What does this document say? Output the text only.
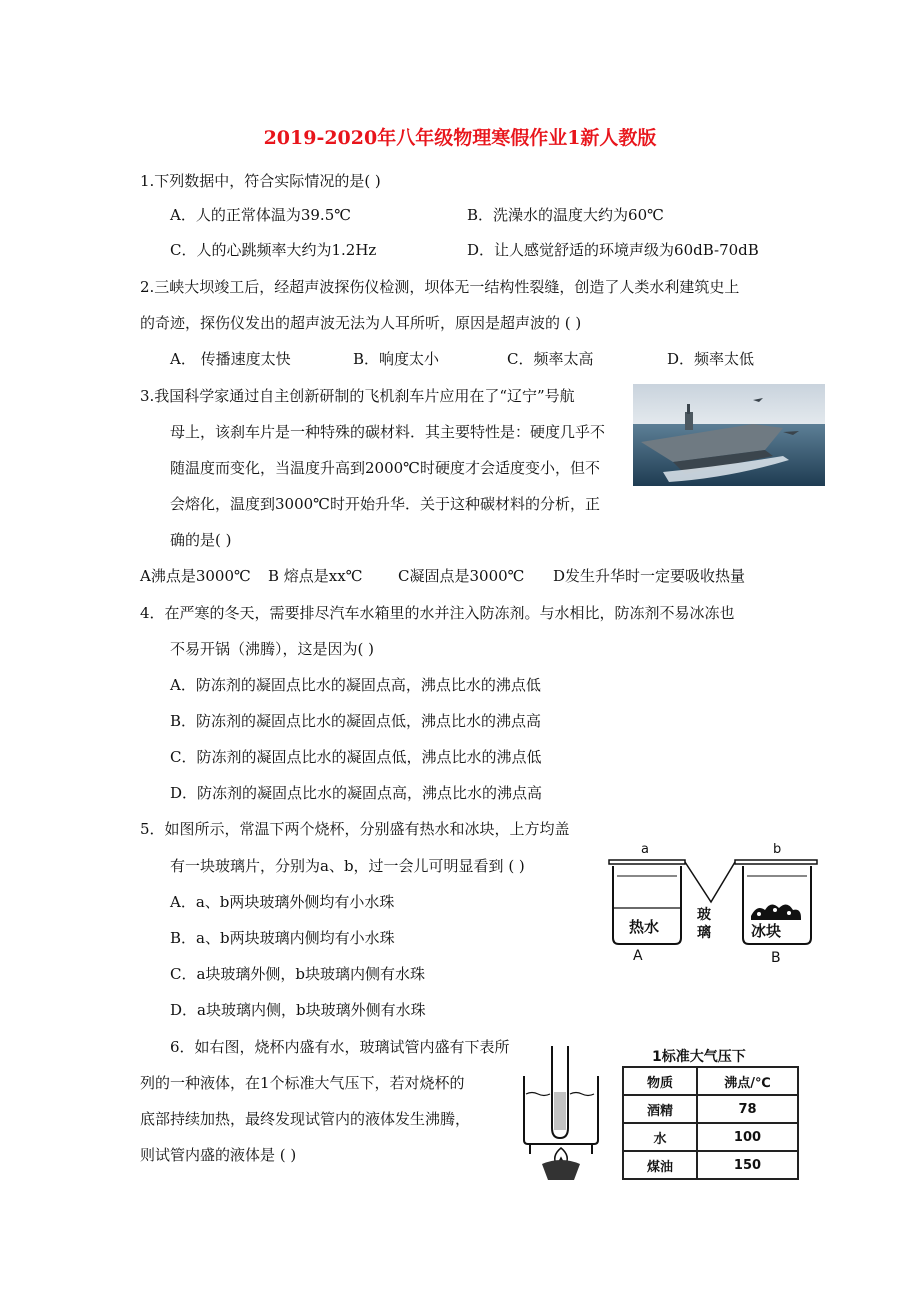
2019-2020年八年级物理寒假作业1新人教版
1.下列数据中，符合实际情况的是( )
A．人的正常体温为39.5℃	B．洗澡水的温度大约为60℃
C．人的心跳频率大约为1.2Hz	D．让人感觉舒适的环境声级为60dB-70dB
2.三峡大坝竣工后，经超声波探伤仪检测，坝体无一结构性裂缝，创造了人类水利建筑史上
的奇迹，探伤仪发出的超声波无法为人耳所听，原因是超声波的 ( )
A． 传播速度太快	B．响度太小	C．频率太高	D．频率太低
3.我国科学家通过自主创新研制的飞机刹车片应用在了“辽宁”号航
母上，该刹车片是一种特殊的碳材料．其主要特性是：硬度几乎不
随温度而变化，当温度升高到2000℃时硬度才会适度变小，但不
会熔化，温度到3000℃时开始升华．关于这种碳材料的分析，正
确的是( )
A沸点是3000℃ B 熔点是xx℃ C凝固点是3000℃ D发生升华时一定要吸收热量
4．在严寒的冬天，需要排尽汽车水箱里的水并注入防冻剂。与水相比，防冻剂不易冰冻也
不易开锅（沸腾），这是因为( )
A．防冻剂的凝固点比水的凝固点高，沸点比水的沸点低
B．防冻剂的凝固点比水的凝固点低，沸点比水的沸点高
C．防冻剂的凝固点比水的凝固点低，沸点比水的沸点低
D．防冻剂的凝固点比水的凝固点高，沸点比水的沸点高
5．如图所示，常温下两个烧杯，分别盛有热水和冰块，上方均盖
有一块玻璃片，分别为a、b，过一会儿可明显看到 ( )
A．a、b两块玻璃外侧均有小水珠
B．a、b两块玻璃内侧均有小水珠
C．a块玻璃外侧，b块玻璃内侧有水珠
D．a块玻璃内侧，b块玻璃外侧有水珠
a	b
热水	冰块
玻
璃
A	B
6．如右图，烧杯内盛有水，玻璃试管内盛有下表所
列的一种液体，在1个标准大气压下，若对烧杯的
底部持续加热，最终发现试管内的液体发生沸腾，
则试管内盛的液体是 ( )
1标准大气压下
物质	沸点/℃
酒精	78
水	100
煤油	150
